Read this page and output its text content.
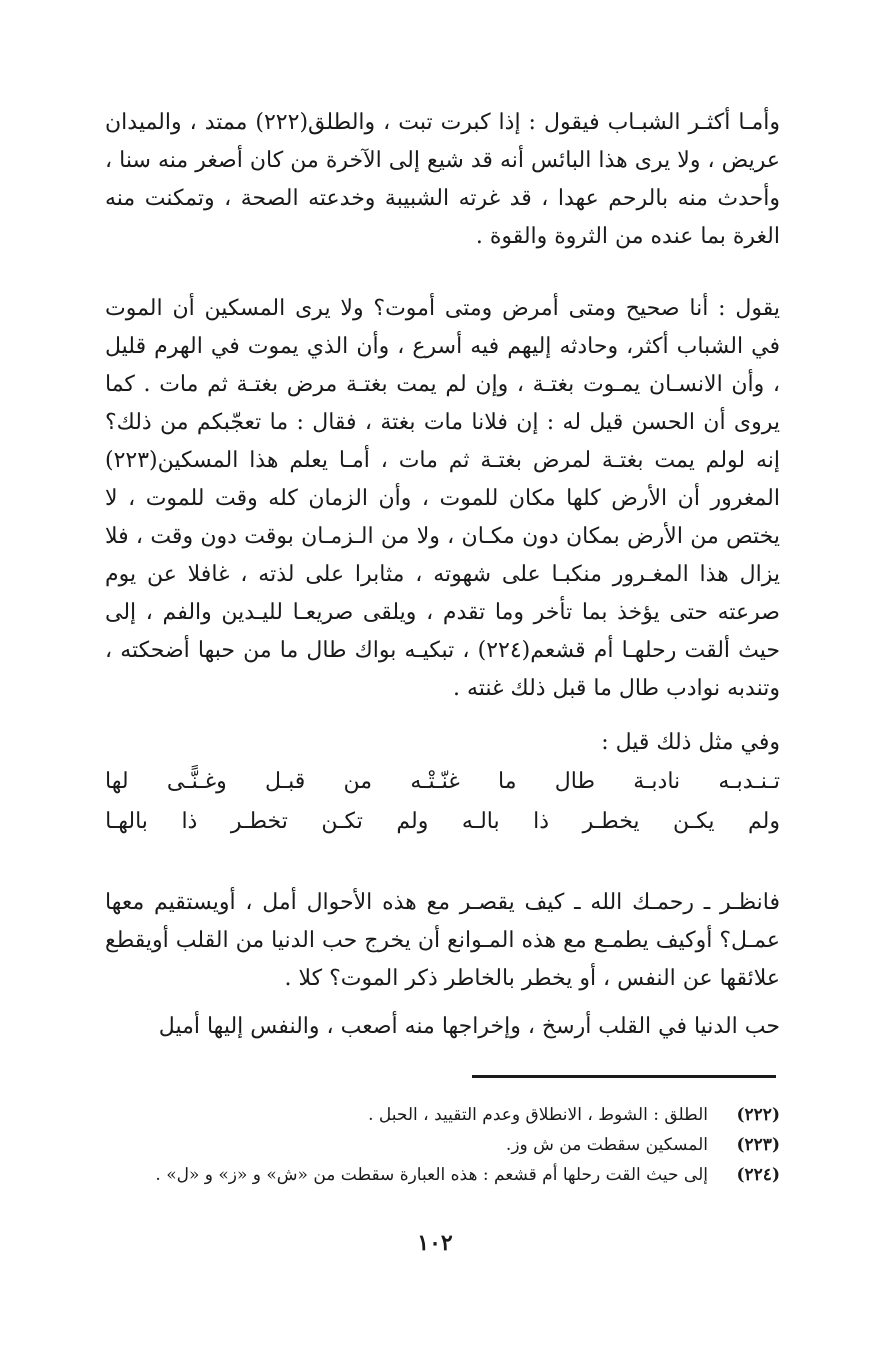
وأمـا أكثـر الشبـاب فيقول : إذا كبرت تبت ، والطلق(٢٢٢) ممتد ، والميدان عريض ، ولا يرى هذا البائس أنه قد شيع إلى الآخرة من كان أصغر منه سنا ، وأحدث منه بالرحم عهدا ، قد غرته الشبيبة وخدعته الصحة ، وتمكنت منه الغرة بما عنده من الثروة والقوة .

يقول : أنا صحيح ومتى أمرض ومتى أموت؟ ولا يرى المسكين أن الموت في الشباب أكثر، وحادثه إليهم فيه أسرع ، وأن الذي يموت في الهرم قليل ، وأن الانسـان يمـوت بغتـة ، وإن لم يمت بغتـة مرض بغتـة ثم مات . كما يروى أن الحسن قيل له : إن فلانا مات بغتة ، فقال : ما تعجّبكم من ذلك؟ إنه لولم يمت بغتـة لمرض بغتـة ثم مات ، أمـا يعلم هذا المسكين(٢٢٣) المغرور أن الأرض كلها مكان للموت ، وأن الزمان كله وقت للموت ، لا يختص من الأرض بمكان دون مكـان ، ولا من الـزمـان بوقت دون وقت ، فلا يزال هذا المغـرور منكبـا على شهوته ، مثابرا على لذته ، غافلا عن يوم صرعته حتى يؤخذ بما تأخر وما تقدم ، ويلقى صريعـا لليـدين والفم ، إلى حيث ألقت رحلهـا أم قشعم(٢٢٤) ، تبكيـه بواك طال ما من حبها أضحكته ، وتندبه نوادب طال ما قبل ذلك غنته .

وفي مثل ذلك قيل :

تـنـدبـه
نادبـة
طال
ما
غنّـتْـه
من
قبـل
وغـنًّـى
لها
ولم
يكـن
يخطـر
ذا
بالـه
ولم
تكـن
تخطـر
ذا
بالهـا

فانظـر ـ رحمـك الله ـ كيف يقصـر مع هذه الأحوال أمل ، أويستقيم معها عمـل؟ أوكيف يطمـع مع هذه المـوانع أن يخرج حب الدنيا من القلب أويقطع علائقها عن النفس ، أو يخطر بالخاطر ذكر الموت؟ كلا .

حب الدنيا في القلب أرسخ ، وإخراجها منه أصعب ، والنفس إليها أميل

(٢٢٢)
الطلق : الشوط ، الانطلاق وعدم التقييد ، الحبل .
(٢٢٣)
المسكين سقطت من ش وز.
(٢٢٤)
إلى حيث القت رحلها أم قشعم : هذه العبارة سقطت من «ش» و «ز» و «ل» .
١٠٢
